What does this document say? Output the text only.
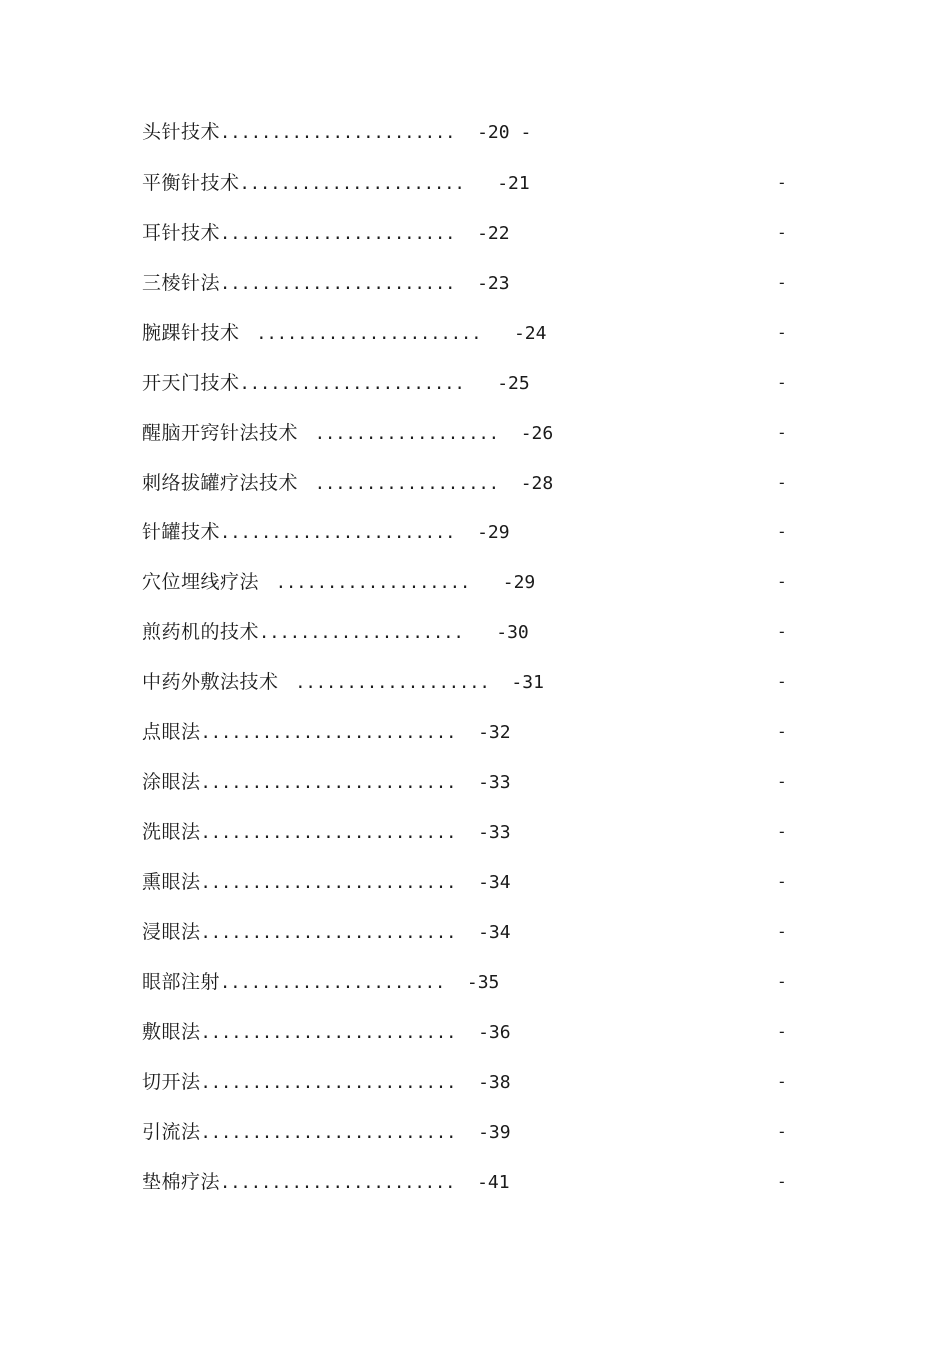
头针技术.......................  -20 -
平衡针技术......................   -21	-
耳针技术.......................  -22	-
三棱针法.......................  -23	-
腕踝针技术  ......................   -24	-
开天门技术......................   -25	-
醒脑开窍针法技术  ..................  -26	-
刺络拔罐疗法技术  ..................  -28	-
针罐技术.......................  -29	-
穴位埋线疗法  ...................   -29	-
煎药机的技术....................   -30	-
中药外敷法技术  ...................  -31	-
点眼法.........................  -32	-
涂眼法.........................  -33	-
洗眼法.........................  -33	-
熏眼法.........................  -34	-
浸眼法.........................  -34	-
眼部注射......................  -35	-
敷眼法.........................  -36	-
切开法.........................  -38	-
引流法.........................  -39	-
垫棉疗法.......................  -41	-
